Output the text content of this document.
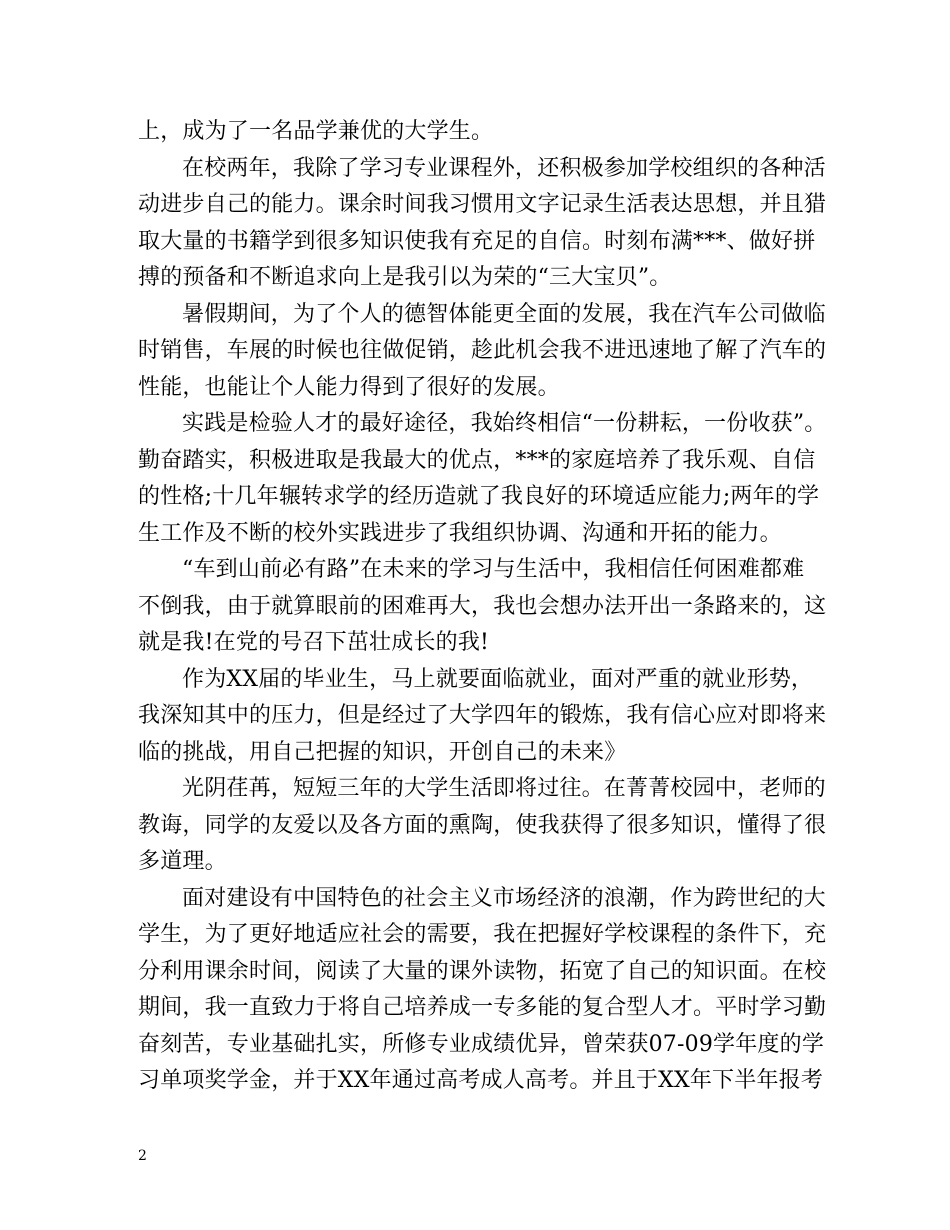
上，成为了一名品学兼优的大学生。
在校两年，我除了学习专业课程外，还积极参加学校组织的各种活
动进步自己的能力。课余时间我习惯用文字记录生活表达思想，并且猎
取大量的书籍学到很多知识使我有充足的自信。时刻布满***、做好拼
搏的预备和不断追求向上是我引以为荣的“三大宝贝”。
暑假期间，为了个人的德智体能更全面的发展，我在汽车公司做临
时销售，车展的时候也往做促销，趁此机会我不进迅速地了解了汽车的
性能，也能让个人能力得到了很好的发展。
实践是检验人才的最好途径，我始终相信“一份耕耘，一份收获”。
勤奋踏实，积极进取是我最大的优点，***的家庭培养了我乐观、自信
的性格;十几年辗转求学的经历造就了我良好的环境适应能力;两年的学
生工作及不断的校外实践进步了我组织协调、沟通和开拓的能力。
“车到山前必有路”在未来的学习与生活中，我相信任何困难都难
不倒我，由于就算眼前的困难再大，我也会想办法开出一条路来的，这
就是我!在党的号召下茁壮成长的我!
作为XX届的毕业生，马上就要面临就业，面对严重的就业形势，
我深知其中的压力，但是经过了大学四年的锻炼，我有信心应对即将来
临的挑战，用自己把握的知识，开创自己的未来》
光阴荏苒，短短三年的大学生活即将过往。在菁菁校园中，老师的
教诲，同学的友爱以及各方面的熏陶，使我获得了很多知识，懂得了很
多道理。
面对建设有中国特色的社会主义市场经济的浪潮，作为跨世纪的大
学生，为了更好地适应社会的需要，我在把握好学校课程的条件下，充
分利用课余时间，阅读了大量的课外读物，拓宽了自己的知识面。在校
期间，我一直致力于将自己培养成一专多能的复合型人才。平时学习勤
奋刻苦，专业基础扎实，所修专业成绩优异，曾荣获07-09学年度的学
习单项奖学金，并于XX年通过高考成人高考。并且于XX年下半年报考
2
